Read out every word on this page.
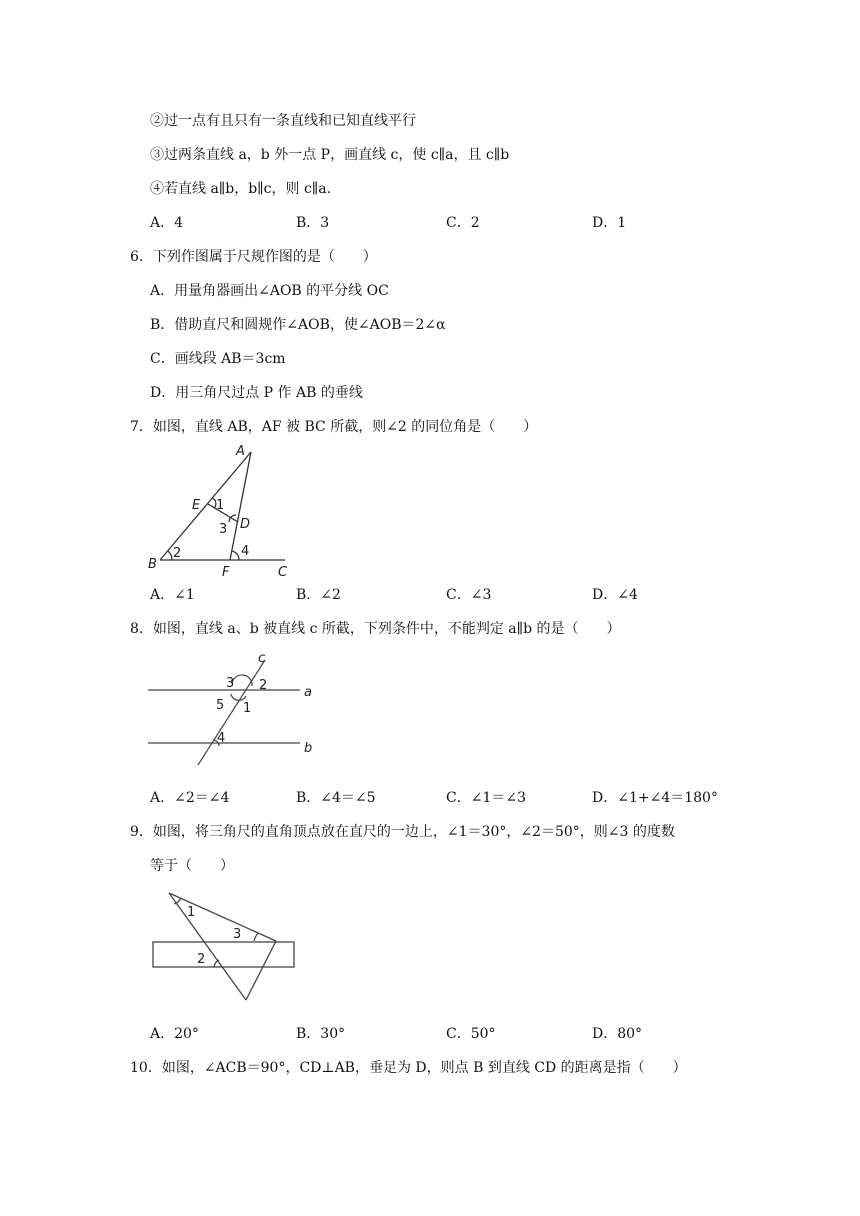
②过一点有且只有一条直线和已知直线平行
③过两条直线 a，b 外一点 P，画直线 c，使 c∥a，且 c∥b
④若直线 a∥b，b∥c，则 c∥a.
A．4	B．3	C．2	D．1
6．下列作图属于尺规作图的是（　　）
A．用量角器画出∠AOB 的平分线 OC
B．借助直尺和圆规作∠AOB，使∠AOB＝2∠α
C．画线段 AB＝3cm
D．用三角尺过点 P 作 AB 的垂线
7．如图，直线 AB，AF 被 BC 所截，则∠2 的同位角是（　　）
A
E 1
D
3
2	4
B
F	C
A．∠1	B．∠2	C．∠3	D．∠4
8．如图，直线 a、b 被直线 c 所截，下列条件中，不能判定 a∥b 的是（　　）
c
3 2	a
5 1
4
b
A．∠2＝∠4	B．∠4＝∠5	C．∠1＝∠3	D．∠1+∠4＝180°
9．如图，将三角尺的直角顶点放在直尺的一边上，∠1＝30°，∠2＝50°，则∠3 的度数
等于（　　）
1
3
2
A．20°	B．30°	C．50°	D．80°
10．如图，∠ACB＝90°，CD⊥AB，垂足为 D，则点 B 到直线 CD 的距离是指（　　）
